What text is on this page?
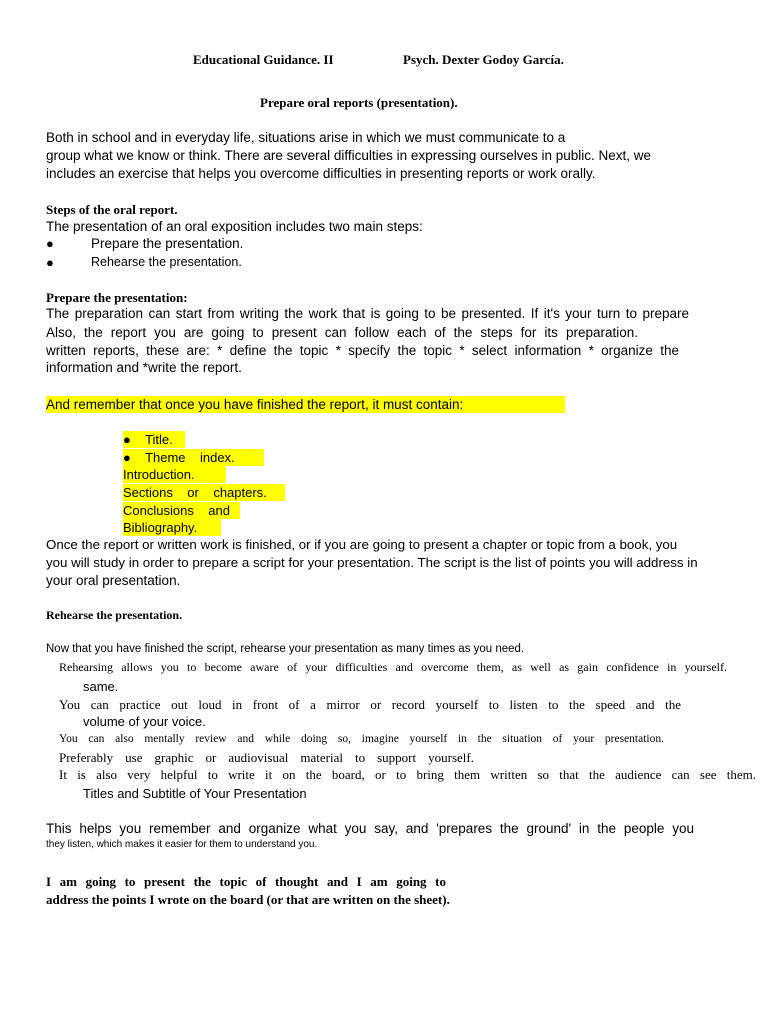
Educational Guidance. II	Psych. Dexter Godoy García.
Prepare oral reports (presentation).
Both in school and in everyday life, situations arise in which we must communicate to a
group what we know or think. There are several difficulties in expressing ourselves in public. Next, we
includes an exercise that helps you overcome difficulties in presenting reports or work orally.
Steps of the oral report.
The presentation of an oral exposition includes two main steps:
●	Prepare the presentation.
●	Rehearse the presentation.
Prepare the presentation:
The preparation can start from writing the work that is going to be presented. If it's your turn to prepare
Also, the report you are going to present can follow each of the steps for its preparation.
written reports, these are: * define the topic * specify the topic * select information * organize the
information and *write the report.
And remember that once you have finished the report, it must contain:
●    Title.
●    Theme    index.
Introduction.
Sections    or    chapters.
Conclusions    and
Bibliography.
Once the report or written work is finished, or if you are going to present a chapter or topic from a book, you
you will study in order to prepare a script for your presentation. The script is the list of points you will address in
your oral presentation.
Rehearse the presentation.
Now that you have finished the script, rehearse your presentation as many times as you need.
Rehearsing allows you to become aware of your difficulties and overcome them, as well as gain confidence in yourself.
same.
You can practice out loud in front of a mirror or record yourself to listen to the speed and the
volume of your voice.
You can also mentally review and while doing so, imagine yourself in the situation of your presentation.
Preferably use graphic or audiovisual material to support yourself.
It is also very helpful to write it on the board, or to bring them written so that the audience can see them.
Titles and Subtitle of Your Presentation
This helps you remember and organize what you say, and 'prepares the ground' in the people you
they listen, which makes it easier for them to understand you.
I am going to present the topic of thought and I am going to
address the points I wrote on the board (or that are written on the sheet).
